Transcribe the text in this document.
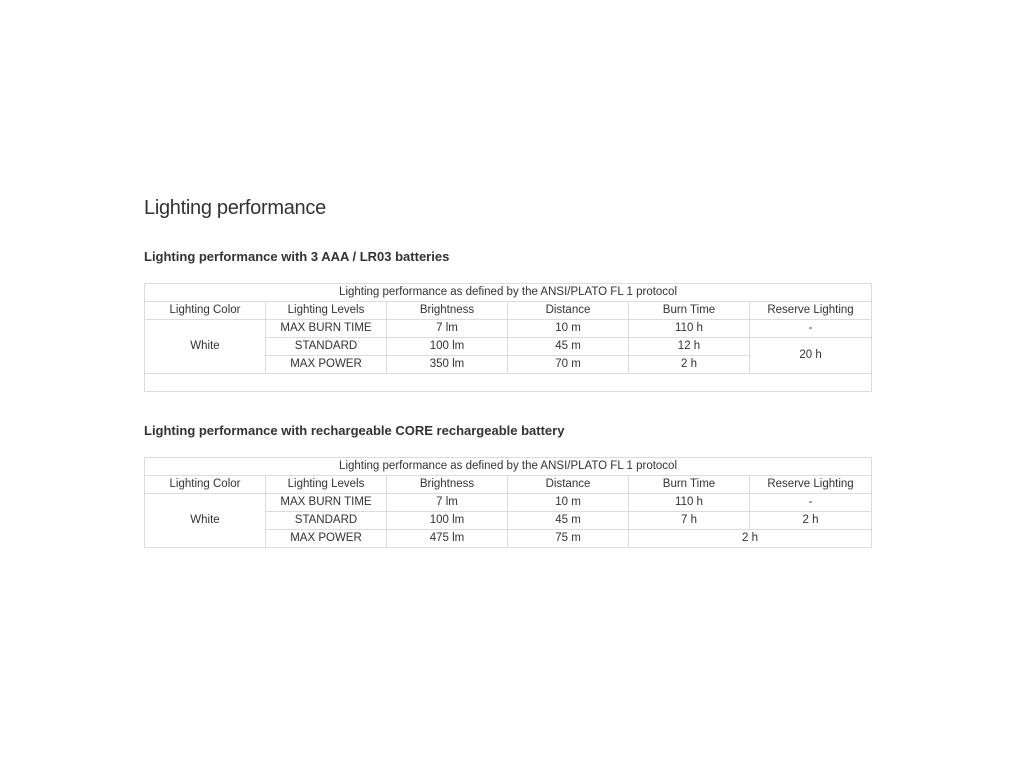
Lighting performance
Lighting performance with 3 AAA / LR03 batteries
Lighting performance as defined by the ANSI/PLATO FL 1 protocol					
Lighting Color	Lighting Levels	Brightness	Distance	Burn Time	Reserve Lighting
White	MAX BURN TIME	7 lm	10 m	110 h	-
	STANDARD	100 lm	45 m	12 h	20 h
	MAX POWER	350 lm	70 m	2 h	

Lighting performance with rechargeable CORE rechargeable battery
Lighting performance as defined by the ANSI/PLATO FL 1 protocol					
Lighting Color	Lighting Levels	Brightness	Distance	Burn Time	Reserve Lighting
White	MAX BURN TIME	7 lm	10 m	110 h	-
	STANDARD	100 lm	45 m	7 h	2 h
	MAX POWER	475 lm	75 m	2 h	
